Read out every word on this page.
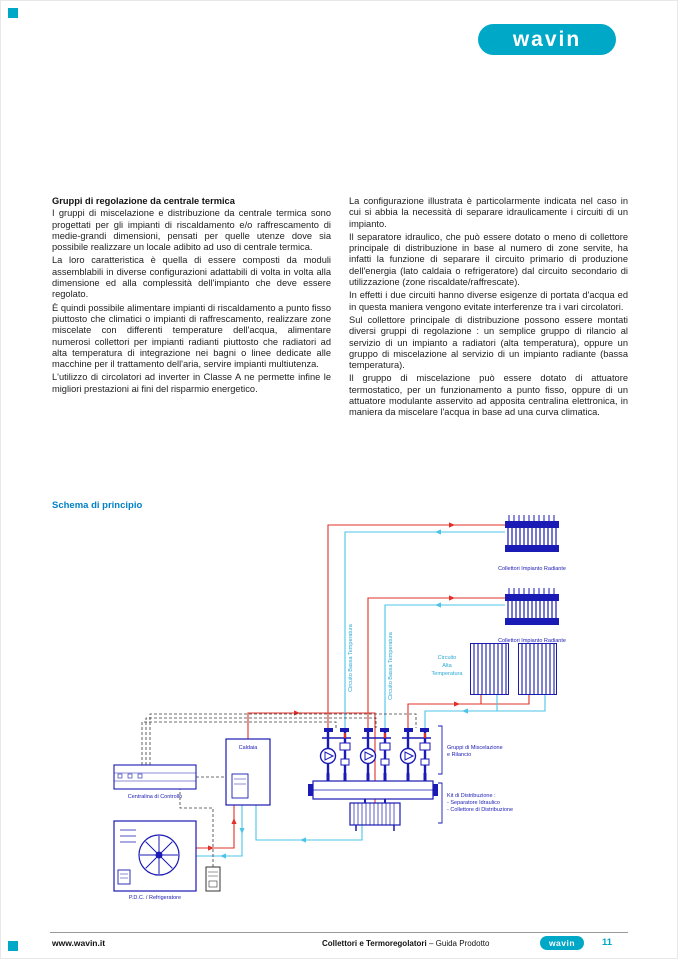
wavin
Gruppi di regolazione da centrale termica

I gruppi di miscelazione e distribuzione da centrale termica sono progettati per gli impianti di riscaldamento e/o raffrescamento di medie-grandi dimensioni, pensati per quelle utenze dove sia possibile realizzare un locale adibito ad uso di centrale termica.

La loro caratteristica è quella di essere composti da moduli assemblabili in diverse configurazioni adattabili di volta in volta alla dimensione ed alla complessità dell'impianto che deve essere regolato.

È quindi possibile alimentare impianti di riscaldamento a punto fisso piuttosto che climatici o impianti di raffrescamento, realizzare zone miscelate con differenti temperature dell'acqua, alimentare numerosi collettori per impianti radianti piuttosto che radiatori ad alta temperatura di integrazione nei bagni o linee dedicate alle macchine per il trattamento dell'aria, servire impianti multiutenza.

L'utilizzo di circolatori ad inverter in Classe A ne permette infine le migliori prestazioni ai fini del risparmio energetico.

La configurazione illustrata è particolarmente indicata nel caso in cui si abbia la necessità di separare idraulicamente i circuiti di un impianto.

Il separatore idraulico, che può essere dotato o meno di collettore principale di distribuzione in base al numero di zone servite, ha infatti la funzione di separare il circuito primario di produzione dell'energia (lato caldaia o refrigeratore) dal circuito secondario di utilizzazione (zone riscaldate/raffrescate).

In effetti i due circuiti hanno diverse esigenze di portata d'acqua ed in questa maniera vengono evitate interferenze tra i vari circolatori.

Sul collettore principale di distribuzione possono essere montati diversi gruppi di regolazione : un semplice gruppo di rilancio al servizio di un impianto a radiatori (alta temperatura), oppure un gruppo di miscelazione al servizio di un impianto radiante (bassa temperatura).

Il gruppo di miscelazione può essere dotato di attuatore termostatico, per un funzionamento a punto fisso, oppure di un attuatore modulante asservito ad apposita centralina elettronica, in maniera da miscelare l'acqua in base ad una curva climatica.

Schema di principio
Caldaia
Centralina di Controllo
P.D.C. / Refrigeratore
Collettori Impianto Radiante
Collettori Impianto Radiante
Circuito Bassa Temperatura	Circuito Bassa Temperatura	Circuito
Alta
Temperatura
Gruppi di Miscelazione
e Rilancio
Kit di Distribuzione :
- Separatore Idraulico
- Collettore di Distribuzione
www.wavin.it	Collettori e Termoregolatori – Guida Prodotto	wavin	11
